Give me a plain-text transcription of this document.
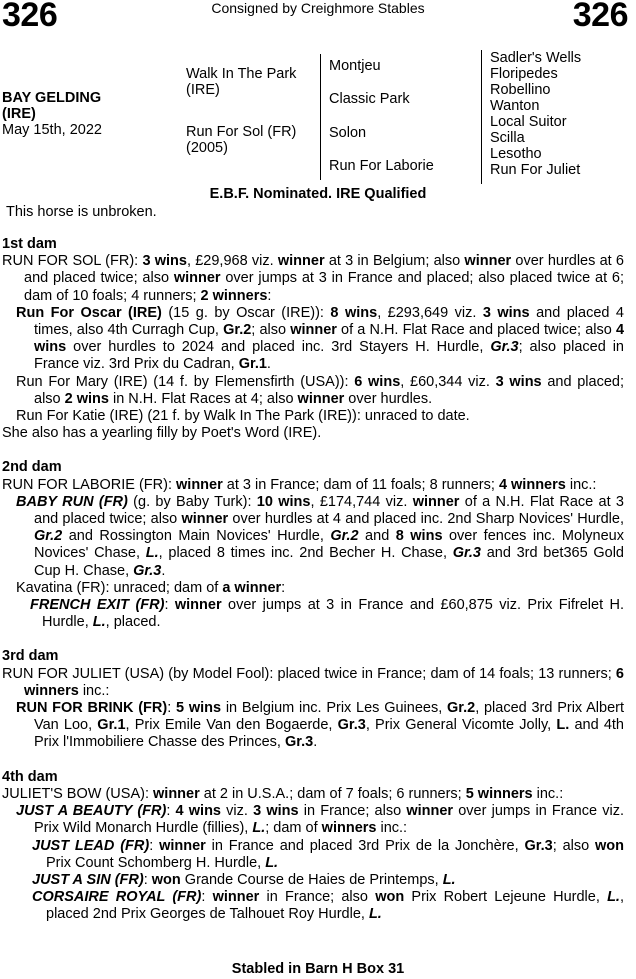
326	Consigned by Creighmore Stables	326
BAY GELDING
(IRE)
May 15th, 2022
Walk In The Park
(IRE)
Run For Sol (FR)
(2005)
Montjeu
Classic Park
Solon
Run For Laborie
Sadler's Wells
Floripedes
Robellino
Wanton
Local Suitor
Scilla
Lesotho
Run For Juliet
E.B.F. Nominated. IRE Qualified
This horse is unbroken.
1st dam
RUN FOR SOL (FR): 3 wins, £29,968 viz. winner at 3 in Belgium; also winner over hurdles at 6 and placed twice; also winner over jumps at 3 in France and placed; also placed twice at 6; dam of 10 foals; 4 runners; 2 winners:
Run For Oscar (IRE) (15 g. by Oscar (IRE)): 8 wins, £293,649 viz. 3 wins and placed 4 times, also 4th Curragh Cup, Gr.2; also winner of a N.H. Flat Race and placed twice; also 4 wins over hurdles to 2024 and placed inc. 3rd Stayers H. Hurdle, Gr.3; also placed in France viz. 3rd Prix du Cadran, Gr.1.
Run For Mary (IRE) (14 f. by Flemensfirth (USA)): 6 wins, £60,344 viz. 3 wins and placed; also 2 wins in N.H. Flat Races at 4; also winner over hurdles.
Run For Katie (IRE) (21 f. by Walk In The Park (IRE)): unraced to date.
She also has a yearling filly by Poet's Word (IRE).
2nd dam
RUN FOR LABORIE (FR): winner at 3 in France; dam of 11 foals; 8 runners; 4 winners inc.:
BABY RUN (FR) (g. by Baby Turk): 10 wins, £174,744 viz. winner of a N.H. Flat Race at 3 and placed twice; also winner over hurdles at 4 and placed inc. 2nd Sharp Novices' Hurdle, Gr.2 and Rossington Main Novices' Hurdle, Gr.2 and 8 wins over fences inc. Molyneux Novices' Chase, L., placed 8 times inc. 2nd Becher H. Chase, Gr.3 and 3rd bet365 Gold Cup H. Chase, Gr.3.
Kavatina (FR): unraced; dam of a winner:
FRENCH EXIT (FR): winner over jumps at 3 in France and £60,875 viz. Prix Fifrelet H. Hurdle, L., placed.
3rd dam
RUN FOR JULIET (USA) (by Model Fool): placed twice in France; dam of 14 foals; 13 runners; 6 winners inc.:
RUN FOR BRINK (FR): 5 wins in Belgium inc. Prix Les Guinees, Gr.2, placed 3rd Prix Albert Van Loo, Gr.1, Prix Emile Van den Bogaerde, Gr.3, Prix General Vicomte Jolly, L. and 4th Prix l'Immobiliere Chasse des Princes, Gr.3.
4th dam
JULIET'S BOW (USA): winner at 2 in U.S.A.; dam of 7 foals; 6 runners; 5 winners inc.:
JUST A BEAUTY (FR): 4 wins viz. 3 wins in France; also winner over jumps in France viz. Prix Wild Monarch Hurdle (fillies), L.; dam of winners inc.:
JUST LEAD (FR): winner in France and placed 3rd Prix de la Jonchère, Gr.3; also won Prix Count Schomberg H. Hurdle, L.
JUST A SIN (FR): won Grande Course de Haies de Printemps, L.
CORSAIRE ROYAL (FR): winner in France; also won Prix Robert Lejeune Hurdle, L., placed 2nd Prix Georges de Talhouet Roy Hurdle, L.
Stabled in Barn H Box 31
